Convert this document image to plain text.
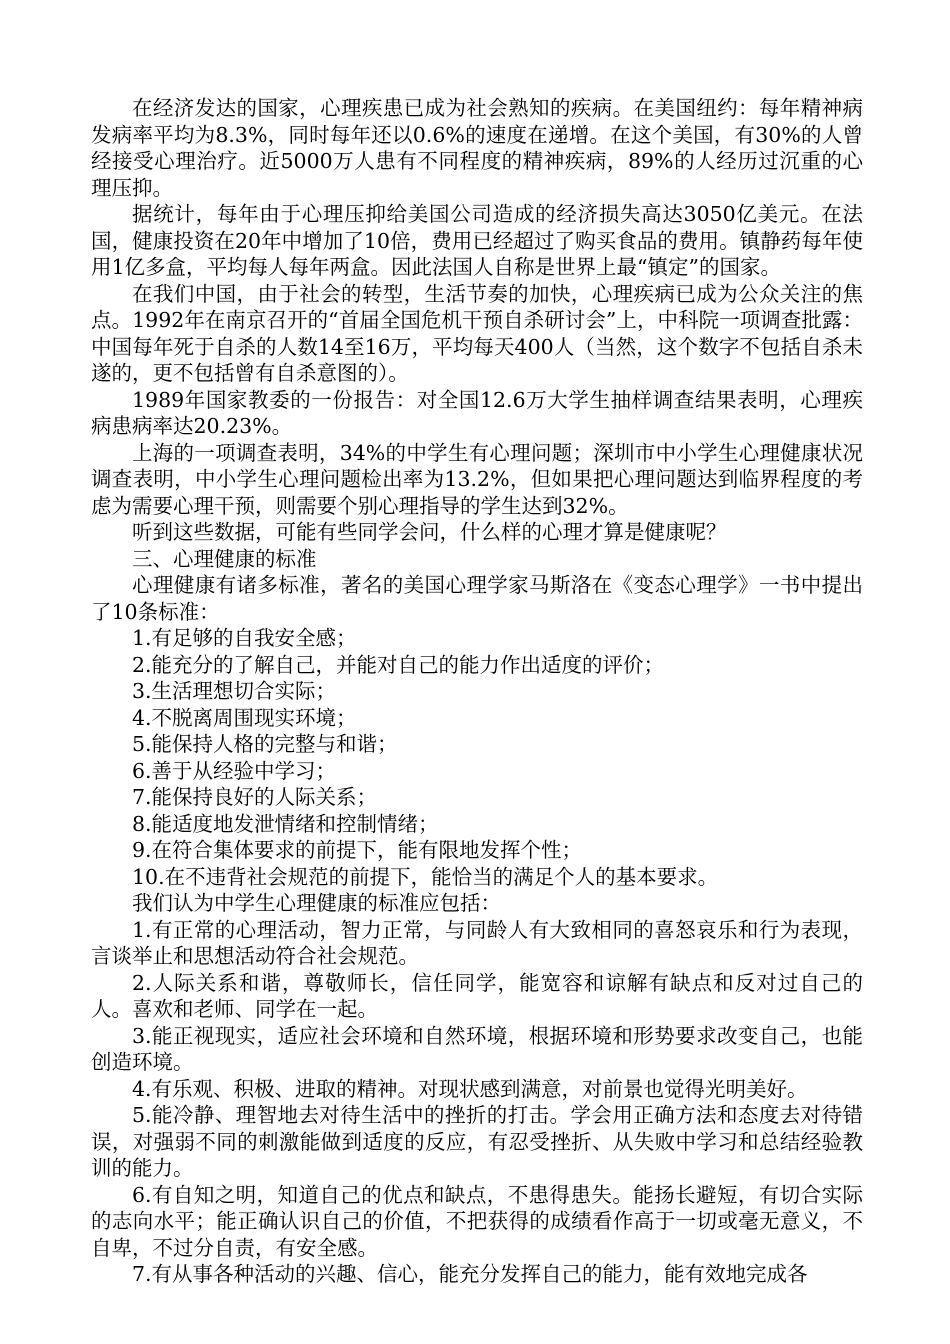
在经济发达的国家，心理疾患已成为社会熟知的疾病。在美国纽约：每年精神病发病率平均为8.3%，同时每年还以0.6%的速度在递增。在这个美国，有30%的人曾经接受心理治疗。近5000万人患有不同程度的精神疾病，89%的人经历过沉重的心理压抑。

据统计，每年由于心理压抑给美国公司造成的经济损失高达3050亿美元。在法国，健康投资在20年中增加了10倍，费用已经超过了购买食品的费用。镇静药每年使用1亿多盒，平均每人每年两盒。因此法国人自称是世界上最“镇定”的国家。

在我们中国，由于社会的转型，生活节奏的加快，心理疾病已成为公众关注的焦点。1992年在南京召开的“首届全国危机干预自杀研讨会”上，中科院一项调查批露：中国每年死于自杀的人数14至16万，平均每天400人（当然，这个数字不包括自杀未遂的，更不包括曾有自杀意图的）。

1989年国家教委的一份报告：对全国12.6万大学生抽样调查结果表明，心理疾病患病率达20.23%。

上海的一项调查表明，34%的中学生有心理问题；深圳市中小学生心理健康状况调查表明，中小学生心理问题检出率为13.2%，但如果把心理问题达到临界程度的考虑为需要心理干预，则需要个别心理指导的学生达到32%。

听到这些数据，可能有些同学会问，什么样的心理才算是健康呢？

三、心理健康的标准

心理健康有诸多标准，著名的美国心理学家马斯洛在《变态心理学》一书中提出了10条标准：

1.有足够的自我安全感；

2.能充分的了解自己，并能对自己的能力作出适度的评价；

3.生活理想切合实际；

4.不脱离周围现实环境；

5.能保持人格的完整与和谐；

6.善于从经验中学习；

7.能保持良好的人际关系；

8.能适度地发泄情绪和控制情绪；

9.在符合集体要求的前提下，能有限地发挥个性；

10.在不违背社会规范的前提下，能恰当的满足个人的基本要求。

我们认为中学生心理健康的标准应包括：

1.有正常的心理活动，智力正常，与同龄人有大致相同的喜怒哀乐和行为表现，言谈举止和思想活动符合社会规范。

2.人际关系和谐，尊敬师长，信任同学，能宽容和谅解有缺点和反对过自己的人。喜欢和老师、同学在一起。

3.能正视现实，适应社会环境和自然环境，根据环境和形势要求改变自己，也能创造环境。

4.有乐观、积极、进取的精神。对现状感到满意，对前景也觉得光明美好。

5.能冷静、理智地去对待生活中的挫折的打击。学会用正确方法和态度去对待错误，对强弱不同的刺激能做到适度的反应，有忍受挫折、从失败中学习和总结经验教训的能力。

6.有自知之明，知道自己的优点和缺点，不患得患失。能扬长避短，有切合实际的志向水平；能正确认识自己的价值，不把获得的成绩看作高于一切或毫无意义，不自卑，不过分自责，有安全感。

7.有从事各种活动的兴趣、信心，能充分发挥自己的能力，能有效地完成各
